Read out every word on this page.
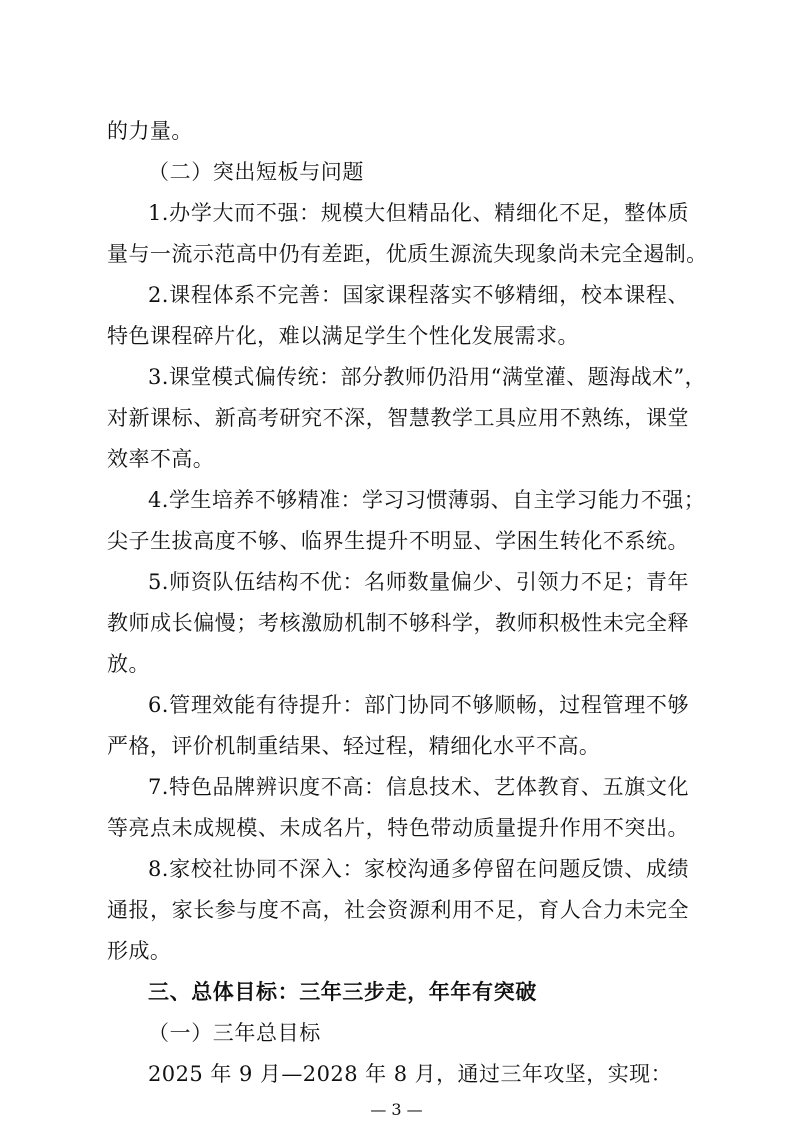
的力量。
（二）突出短板与问题
1.办学大而不强：规模大但精品化、精细化不足，整体质
量与一流示范高中仍有差距，优质生源流失现象尚未完全遏制。
2.课程体系不完善：国家课程落实不够精细，校本课程、
特色课程碎片化，难以满足学生个性化发展需求。
3.课堂模式偏传统：部分教师仍沿用“满堂灌、题海战术”，
对新课标、新高考研究不深，智慧教学工具应用不熟练，课堂
效率不高。
4.学生培养不够精准：学习习惯薄弱、自主学习能力不强；
尖子生拔高度不够、临界生提升不明显、学困生转化不系统。
5.师资队伍结构不优：名师数量偏少、引领力不足；青年
教师成长偏慢；考核激励机制不够科学，教师积极性未完全释
放。
6.管理效能有待提升：部门协同不够顺畅，过程管理不够
严格，评价机制重结果、轻过程，精细化水平不高。
7.特色品牌辨识度不高：信息技术、艺体教育、五旗文化
等亮点未成规模、未成名片，特色带动质量提升作用不突出。
8.家校社协同不深入：家校沟通多停留在问题反馈、成绩
通报，家长参与度不高，社会资源利用不足，育人合力未完全
形成。
三、总体目标：三年三步走，年年有突破
（一）三年总目标
2025 年 9 月—2028 年 8 月，通过三年攻坚，实现：
— 3 —
